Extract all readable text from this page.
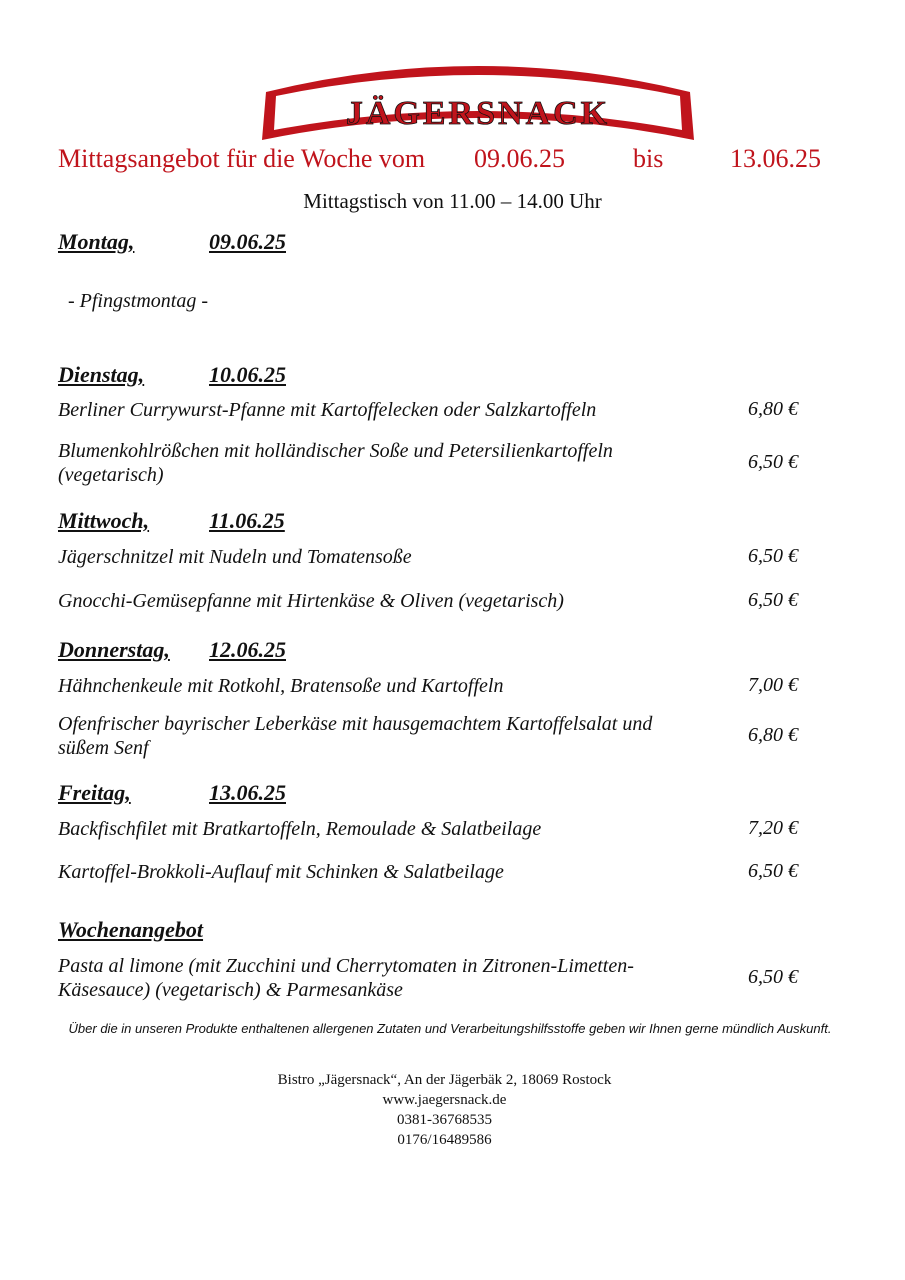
JÄGERSNACK
Mittagsangebot für die Woche vom 09.06.25	bis	13.06.25
Mittagstisch von 11.00 – 14.00 Uhr
Montag,	09.06.25
- Pfingstmontag -
Dienstag,	10.06.25
Berliner Currywurst-Pfanne mit Kartoffelecken oder Salzkartoffeln	6,80 €
Blumenkohlrößchen mit holländischer Soße und Petersilienkartoffeln
(vegetarisch)
6,50 €
Mittwoch,	11.06.25
Jägerschnitzel mit Nudeln und Tomatensoße	6,50 €
Gnocchi-Gemüsepfanne mit Hirtenkäse & Oliven (vegetarisch)	6,50 €
Donnerstag, 12.06.25
Hähnchenkeule mit Rotkohl, Bratensoße und Kartoffeln	7,00 €
Ofenfrischer bayrischer Leberkäse mit hausgemachtem Kartoffelsalat und
süßem Senf
6,80 €
Freitag,	13.06.25
Backfischfilet mit Bratkartoffeln, Remoulade & Salatbeilage	7,20 €
Kartoffel-Brokkoli-Auflauf mit Schinken & Salatbeilage	6,50 €
Wochenangebot
Pasta al limone (mit Zucchini und Cherrytomaten in Zitronen-Limetten-
Käsesauce) (vegetarisch) & Parmesankäse
6,50 €
Über die in unseren Produkte enthaltenen allergenen Zutaten und Verarbeitungshilfsstoffe geben wir Ihnen gerne mündlich Auskunft.
Bistro „Jägersnack“, An der Jägerbäk 2, 18069 Rostock
www.jaegersnack.de
0381-36768535
0176/16489586
